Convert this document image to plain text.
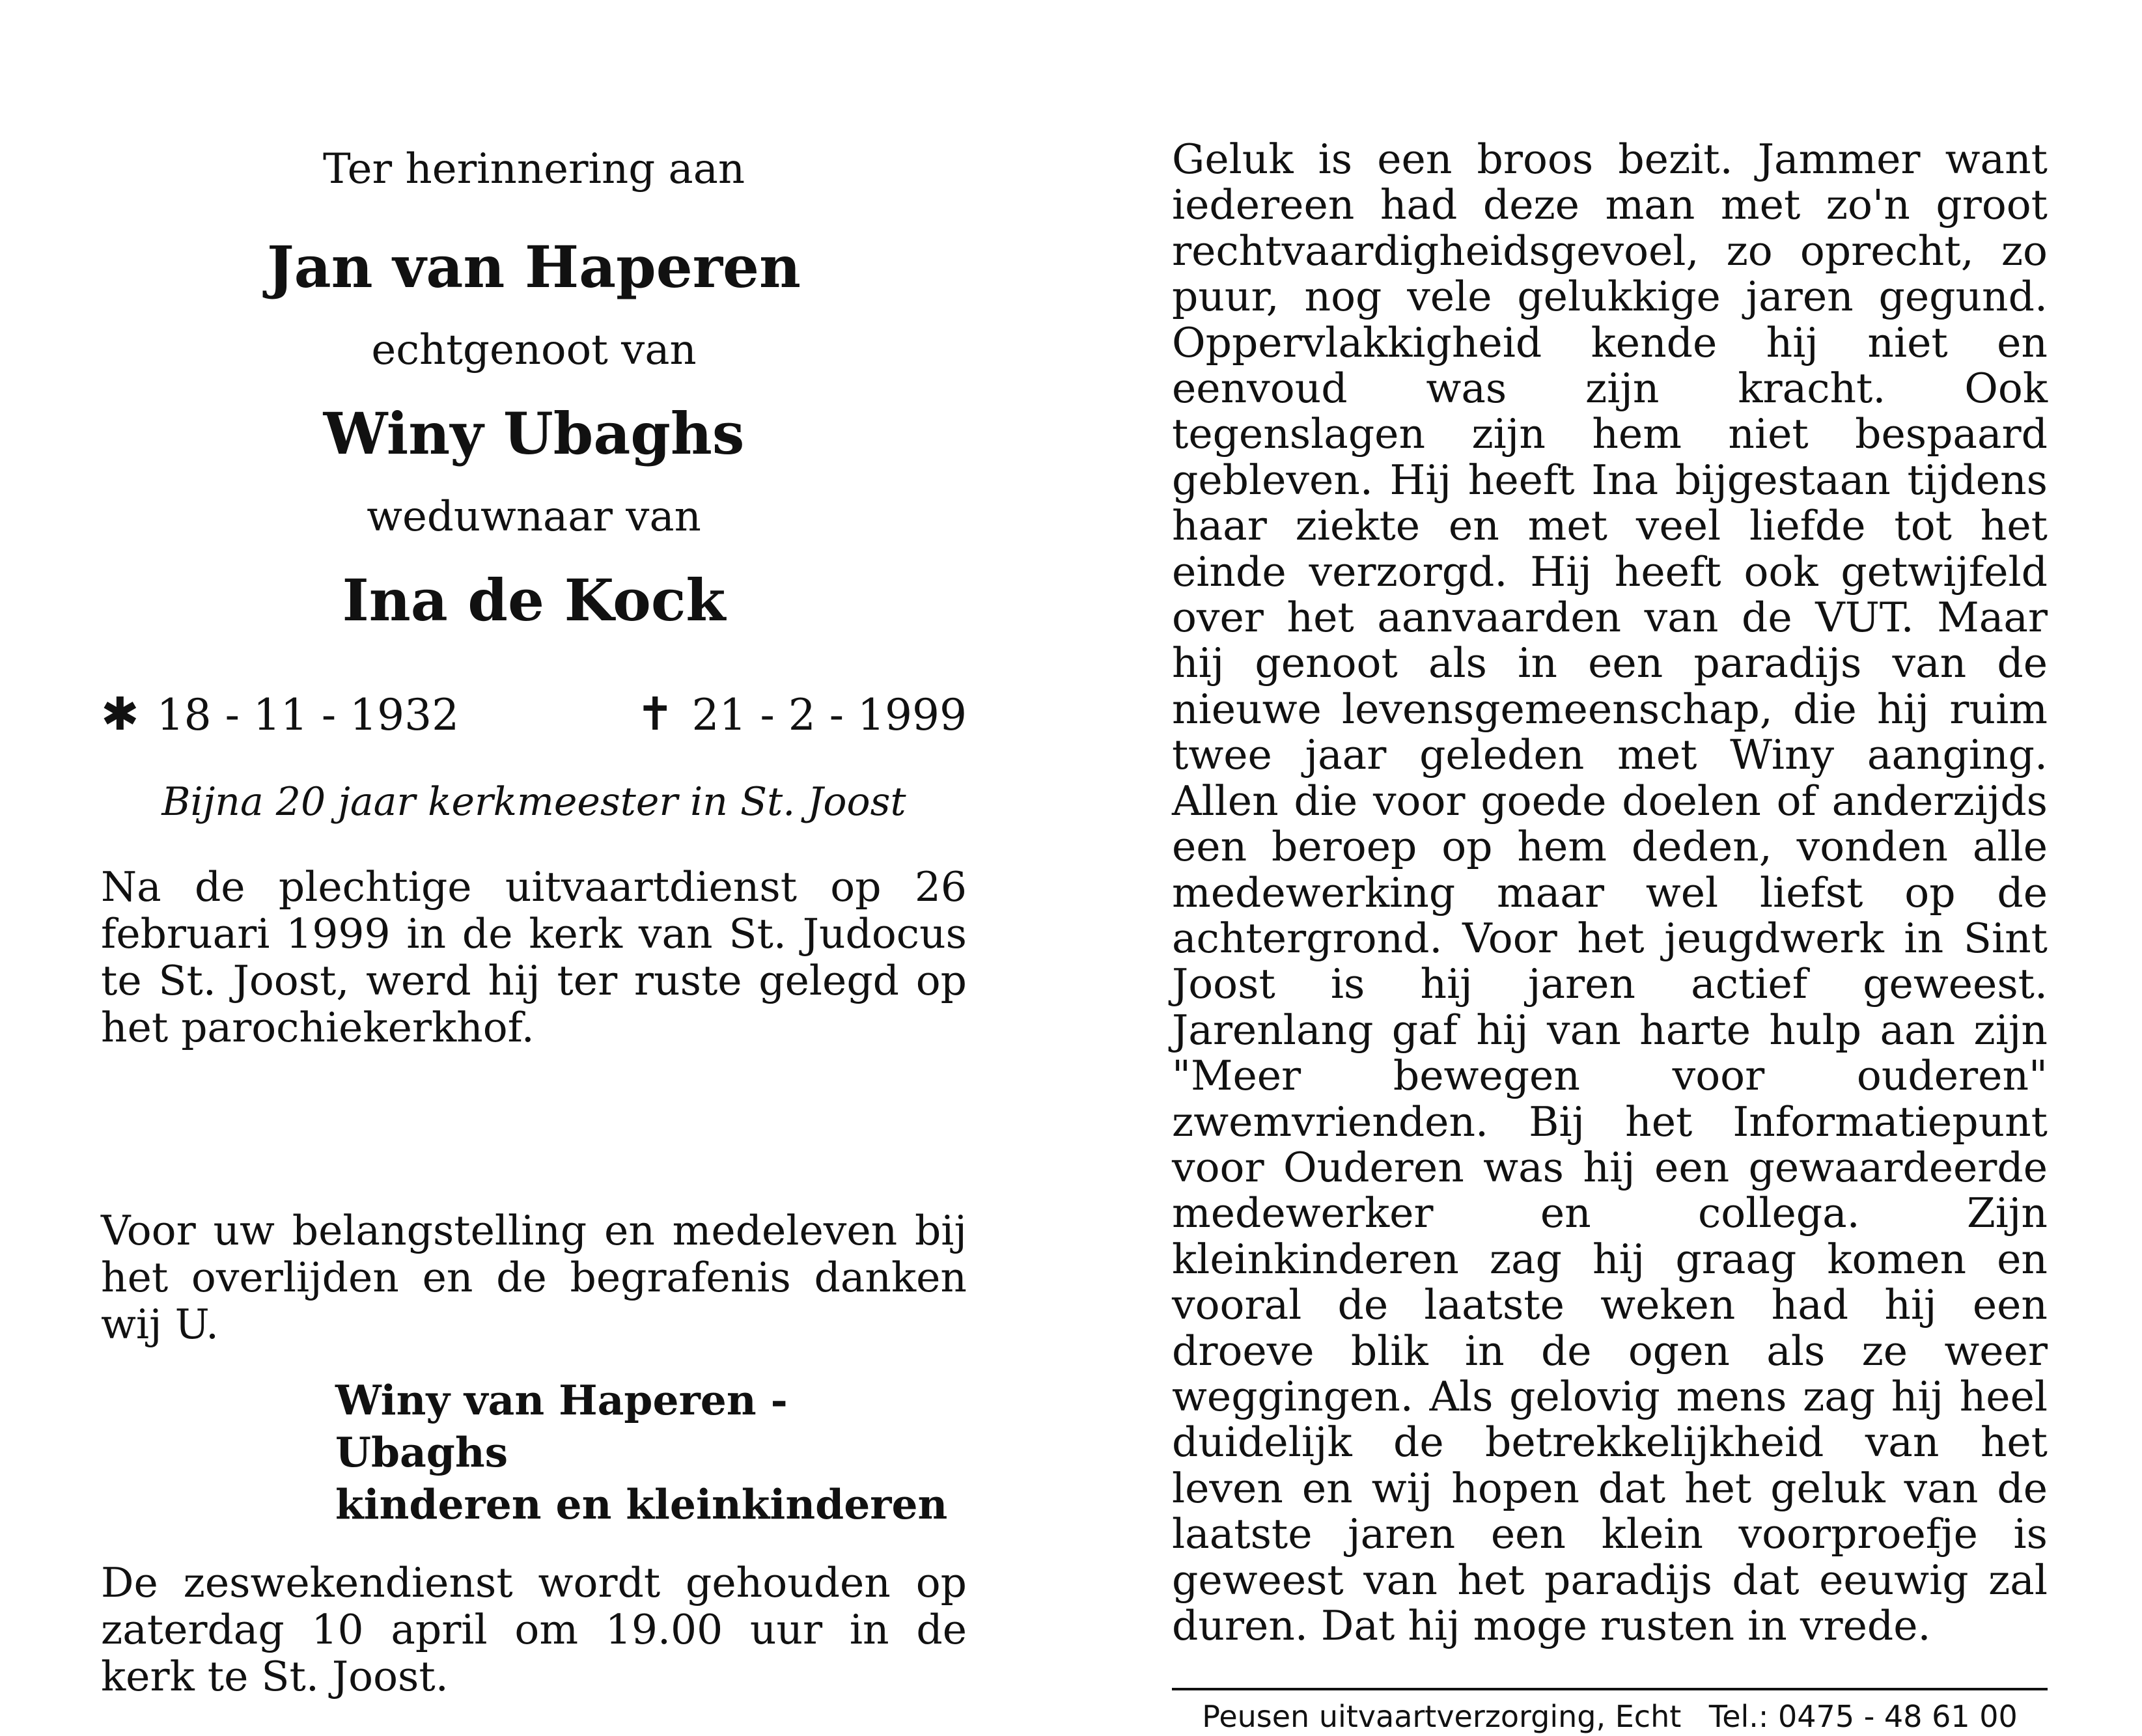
Ter herinnering aan
Jan van Haperen
echtgenoot van
Winy Ubaghs
weduwnaar van
Ina de Kock
✱ 18 - 11 - 1932	✝ 21 - 2 - 1999
Bijna 20 jaar kerkmeester in St. Joost
Na de plechtige uitvaartdienst op 26 februari 1999 in de kerk van St. Judocus te St. Joost, werd hij ter ruste gelegd op het parochiekerkhof.
Voor uw belangstelling en medeleven bij het overlijden en de begrafenis danken wij U.
Winy van Haperen - Ubaghs
kinderen en kleinkinderen
De zeswekendienst wordt gehouden op zaterdag 10 april om 19.00 uur in de kerk te St. Joost.

Geluk is een broos bezit. Jammer want iedereen had deze man met zo'n groot rechtvaardigheidsgevoel, zo oprecht, zo puur, nog vele gelukkige jaren gegund. Oppervlakkigheid kende hij niet en eenvoud was zijn kracht. Ook tegenslagen zijn hem niet bespaard gebleven. Hij heeft Ina bijgestaan tijdens haar ziekte en met veel liefde tot het einde verzorgd. Hij heeft ook getwijfeld over het aanvaarden van de VUT. Maar hij genoot als in een paradijs van de nieuwe levensgemeenschap, die hij ruim twee jaar geleden met Winy aanging. Allen die voor goede doelen of anderzijds een beroep op hem deden, vonden alle medewerking maar wel liefst op de achtergrond. Voor het jeugdwerk in Sint Joost is hij jaren actief geweest. Jarenlang gaf hij van harte hulp aan zijn "Meer bewegen voor ouderen" zwemvrienden. Bij het Informatiepunt voor Ouderen was hij een gewaardeerde medewerker en collega. Zijn kleinkinderen zag hij graag komen en vooral de laatste weken had hij een droeve blik in de ogen als ze weer weggingen. Als gelovig mens zag hij heel duidelijk de betrekkelijkheid van het leven en wij hopen dat het geluk van de laatste jaren een klein voorproefje is geweest van het paradijs dat eeuwig zal duren. Dat hij moge rusten in vrede.

Peusen uitvaartverzorging, Echt Tel.: 0475 - 48 61 00
